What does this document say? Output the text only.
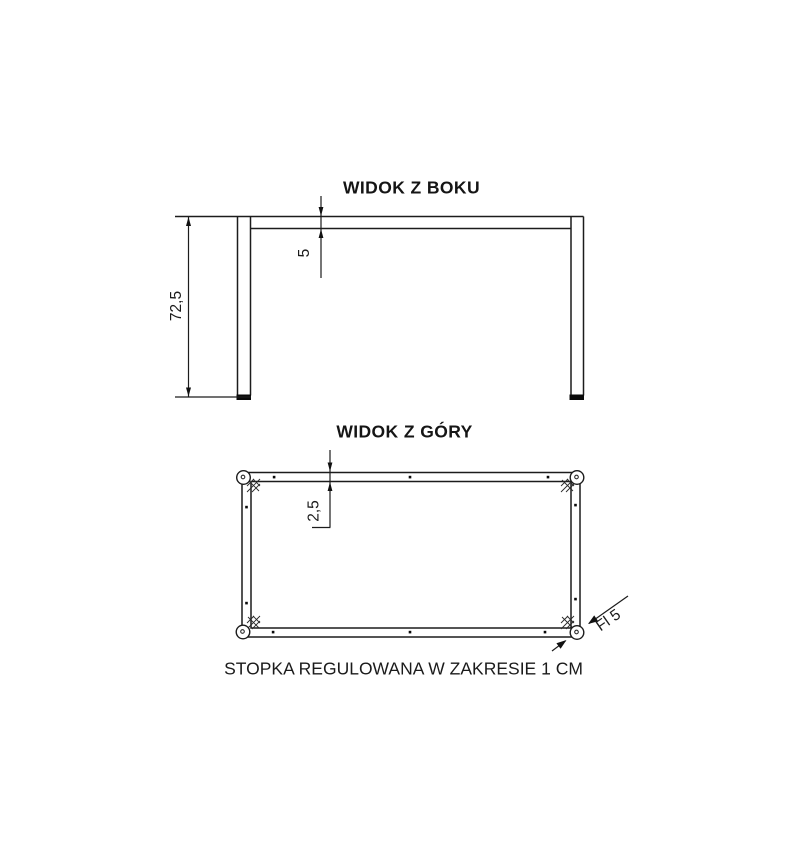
WIDOK Z BOKU
72,5
5
WIDOK Z GÓRY
2,5
Fl 5
STOPKA REGULOWANA W ZAKRESIE 1 CM
